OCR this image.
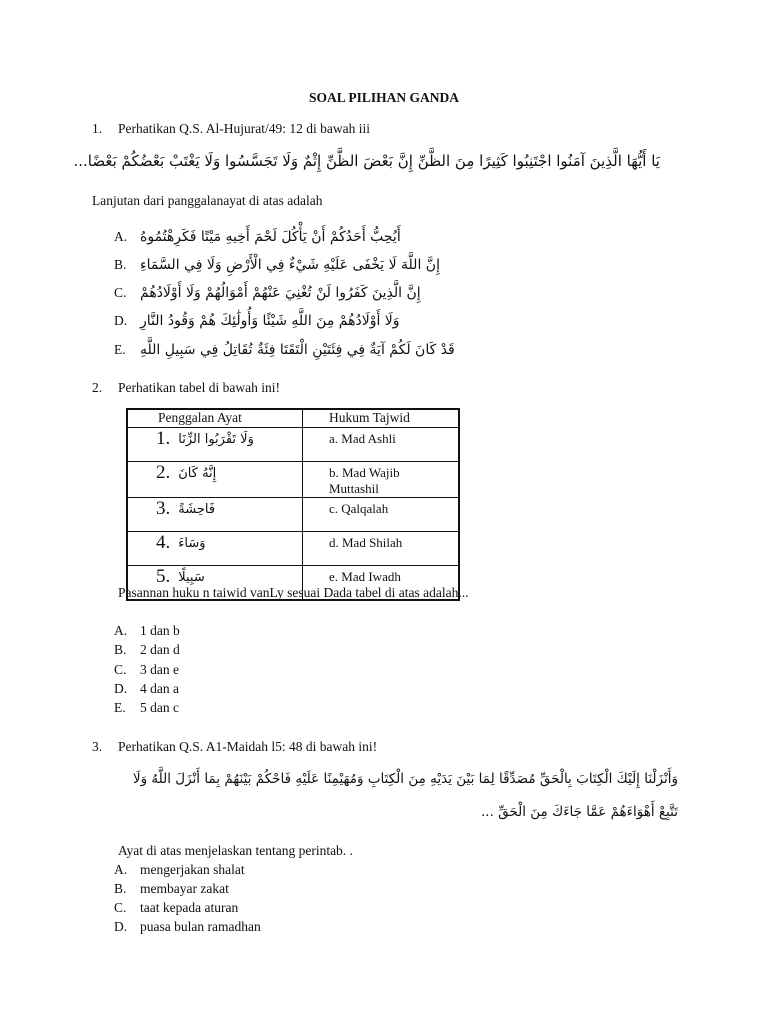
SOAL PILIHAN GANDA
1. Perhatikan Q.S. Al-Hujurat/49: 12 di bawah iii
يَا أَيُّهَا الَّذِينَ آمَنُوا اجْتَنِبُوا كَثِيرًا مِنَ الظَّنِّ إِنَّ بَعْضَ الظَّنِّ إِثْمٌ وَلَا تَجَسَّسُوا وَلَا يَغْتَبْ بَعْضُكُمْ بَعْضًا...
Lanjutan dari panggalanayat di atas adalah
A. أَيُحِبُّ أَحَدُكُمْ أَنْ يَأْكُلَ لَحْمَ أَخِيهِ مَيْتًا فَكَرِهْتُمُوهُ
B. إِنَّ اللَّهَ لَا يَخْفَى عَلَيْهِ شَيْءٌ فِي الْأَرْضِ وَلَا فِي السَّمَاءِ
C. إِنَّ الَّذِينَ كَفَرُوا لَنْ تُغْنِيَ عَنْهُمْ أَمْوَالُهُمْ وَلَا أَوْلَادُهُمْ
D. وَلَا أَوْلَادُهُمْ مِنَ اللَّهِ شَيْئًا وَأُولَٰئِكَ هُمْ وَقُودُ النَّارِ
E. قَدْ كَانَ لَكُمْ آيَةٌ فِي فِئَتَيْنِ الْتَقَتَا فِئَةٌ تُقَاتِلُ فِي سَبِيلِ اللَّهِ
2. Perhatikan tabel di bawah ini!
Penggalan Ayat	Hukum Tajwid

1. وَلَا تَقْرَبُوا الزِّنَا	a. Mad Ashli

2. إِنَّهُ كَانَ	b. Mad Wajib Muttashil

3. فَاحِشَةً	c. Qalqalah

4. وَسَاءَ	d. Mad Shilah

5. سَبِيلًا	e. Mad Iwadh
Pasannan huku n taiwid vanLy sesuai Dada tabel di atas adalah...
A. 1 dan b
B. 2 dan d
C. 3 dan e
D. 4 dan a
E. 5 dan c
3. Perhatikan Q.S. A1-Maidah l5: 48 di bawah ini!
وَأَنْزَلْنَا إِلَيْكَ الْكِتَابَ بِالْحَقِّ مُصَدِّقًا لِمَا بَيْنَ يَدَيْهِ مِنَ الْكِتَابِ وَمُهَيْمِنًا عَلَيْهِ فَاحْكُمْ بَيْنَهُمْ بِمَا أَنْزَلَ اللَّهُ وَلَا
تَتَّبِعْ أَهْوَاءَهُمْ عَمَّا جَاءَكَ مِنَ الْحَقِّ ...
Ayat di atas menjelaskan tentang perintab. .
A. mengerjakan shalat
B. membayar zakat
C. taat kepada aturan
D. puasa bulan ramadhan
